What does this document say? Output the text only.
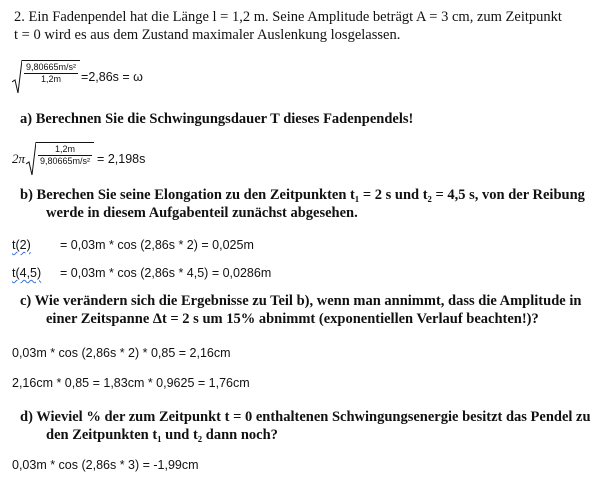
2. Ein Fadenpendel hat die Länge l = 1,2 m. Seine Amplitude beträgt A = 3 cm, zum Zeitpunkt
t = 0 wird es aus dem Zustand maximaler Auslenkung losgelassen.
$\frac{\text{9,80665m/s²}}{1,2m} =2,86s = \omega$
a) Berechnen Sie die Schwingungsdauer T dieses Fadenpendels!
$2\pi \frac{1,2m}{\text{9,80665m/s²}} = 2,198s$
b) Berechen Sie seine Elongation zu den Zeitpunkten t₁ = 2 s und t₂ = 4,5 s, von der Reibung
werde in diesem Aufgabenteil zunächst abgesehen.
t(2) = 0,03m * cos (2,86s * 2) = 0,025m
t(4,5) = 0,03m * cos (2,86s * 4,5) = 0,0286m
c) Wie verändern sich die Ergebnisse zu Teil b), wenn man annimmt, dass die Amplitude in
einer Zeitspanne Δt = 2 s um 15% abnimmt (exponentiellen Verlauf beachten!)?
0,03m * cos (2,86s * 2) * 0,85 = 2,16cm
2,16cm * 0,85 = 1,83cm * 0,9625 = 1,76cm
d) Wieviel % der zum Zeitpunkt t = 0 enthaltenen Schwingungsenergie besitzt das Pendel zu
den Zeitpunkten t₁ und t₂ dann noch?
0,03m * cos (2,86s * 3) = -1,99cm
